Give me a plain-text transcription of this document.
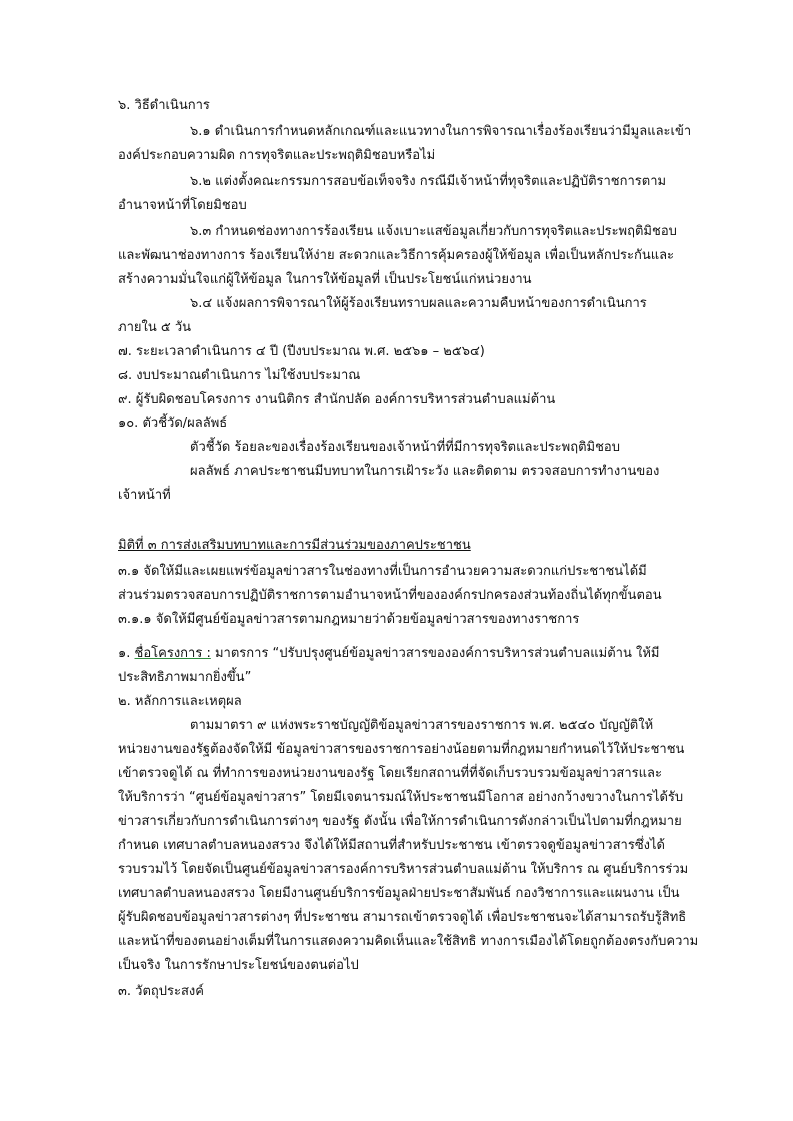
๖. วิธีดำเนินการ
๖.๑ ดำเนินการกำหนดหลักเกณฑ์และแนวทางในการพิจารณาเรื่องร้องเรียนว่ามีมูลและเข้า
องค์ประกอบความผิด การทุจริตและประพฤติมิชอบหรือไม่
๖.๒ แต่งตั้งคณะกรรมการสอบข้อเท็จจริง กรณีมีเจ้าหน้าที่ทุจริตและปฏิบัติราชการตาม
อำนาจหน้าที่โดยมิชอบ
๖.๓ กำหนดช่องทางการร้องเรียน แจ้งเบาะแสข้อมูลเกี่ยวกับการทุจริตและประพฤติมิชอบ
และพัฒนาช่องทางการ ร้องเรียนให้ง่าย สะดวกและวิธีการคุ้มครองผู้ให้ข้อมูล เพื่อเป็นหลักประกันและ
สร้างความมั่นใจแก่ผู้ให้ข้อมูล ในการให้ข้อมูลที่ เป็นประโยชน์แก่หน่วยงาน
๖.๔ แจ้งผลการพิจารณาให้ผู้ร้องเรียนทราบผลและความคืบหน้าของการดำเนินการ
ภายใน ๕ วัน
๗. ระยะเวลาดำเนินการ ๔ ปี (ปีงบประมาณ พ.ศ. ๒๕๖๑ – ๒๕๖๔)
๘. งบประมาณดำเนินการ ไม่ใช้งบประมาณ
๙. ผู้รับผิดชอบโครงการ งานนิติกร สำนักปลัด องค์การบริหารส่วนตำบลแม่ต้าน
๑๐. ตัวชี้วัด/ผลลัพธ์
ตัวชี้วัด ร้อยละของเรื่องร้องเรียนของเจ้าหน้าที่ที่มีการทุจริตและประพฤติมิชอบ
ผลลัพธ์ ภาคประชาชนมีบทบาทในการเฝ้าระวัง และติดตาม ตรวจสอบการทำงานของ
เจ้าหน้าที่
มิติที่ ๓ การส่งเสริมบทบาทและการมีส่วนร่วมของภาคประชาชน
๓.๑ จัดให้มีและเผยแพร่ข้อมูลข่าวสารในช่องทางที่เป็นการอำนวยความสะดวกแก่ประชาชนได้มี
ส่วนร่วมตรวจสอบการปฏิบัติราชการตามอำนาจหน้าที่ขององค์กรปกครองส่วนท้องถิ่นได้ทุกขั้นตอน
๓.๑.๑ จัดให้มีศูนย์ข้อมูลข่าวสารตามกฎหมายว่าด้วยข้อมูลข่าวสารของทางราชการ
๑. ชื่อโครงการ : มาตรการ “ปรับปรุงศูนย์ข้อมูลข่าวสารขององค์การบริหารส่วนตำบลแม่ต้าน ให้มี
ประสิทธิภาพมากยิ่งขึ้น”
๒. หลักการและเหตุผล
ตามมาตรา ๙ แห่งพระราชบัญญัติข้อมูลข่าวสารของราชการ พ.ศ. ๒๕๔๐ บัญญัติให้
หน่วยงานของรัฐต้องจัดให้มี ข้อมูลข่าวสารของราชการอย่างน้อยตามที่กฎหมายกำหนดไว้ให้ประชาชน
เข้าตรวจดูได้ ณ ที่ทำการของหน่วยงานของรัฐ โดยเรียกสถานที่ที่จัดเก็บรวบรวมข้อมูลข่าวสารและ
ให้บริการว่า “ศูนย์ข้อมูลข่าวสาร” โดยมีเจตนารมณ์ให้ประชาชนมีโอกาส อย่างกว้างขวางในการได้รับ
ข่าวสารเกี่ยวกับการดำเนินการต่างๆ ของรัฐ ดังนั้น เพื่อให้การดำเนินการดังกล่าวเป็นไปตามที่กฎหมาย
กำหนด เทศบาลตำบลหนองสรวง จึงได้ให้มีสถานที่สำหรับประชาชน เข้าตรวจดูข้อมูลข่าวสารซึ่งได้
รวบรวมไว้ โดยจัดเป็นศูนย์ข้อมูลข่าวสารองค์การบริหารส่วนตำบลแม่ต้าน ให้บริการ ณ ศูนย์บริการร่วม
เทศบาลตำบลหนองสรวง โดยมีงานศูนย์บริการข้อมูลฝ่ายประชาสัมพันธ์ กองวิชาการและแผนงาน เป็น
ผู้รับผิดชอบข้อมูลข่าวสารต่างๆ ที่ประชาชน สามารถเข้าตรวจดูได้ เพื่อประชาชนจะได้สามารถรับรู้สิทธิ
และหน้าที่ของตนอย่างเต็มที่ในการแสดงความคิดเห็นและใช้สิทธิ ทางการเมืองได้โดยถูกต้องตรงกับความ
เป็นจริง ในการรักษาประโยชน์ของตนต่อไป
๓. วัตถุประสงค์
